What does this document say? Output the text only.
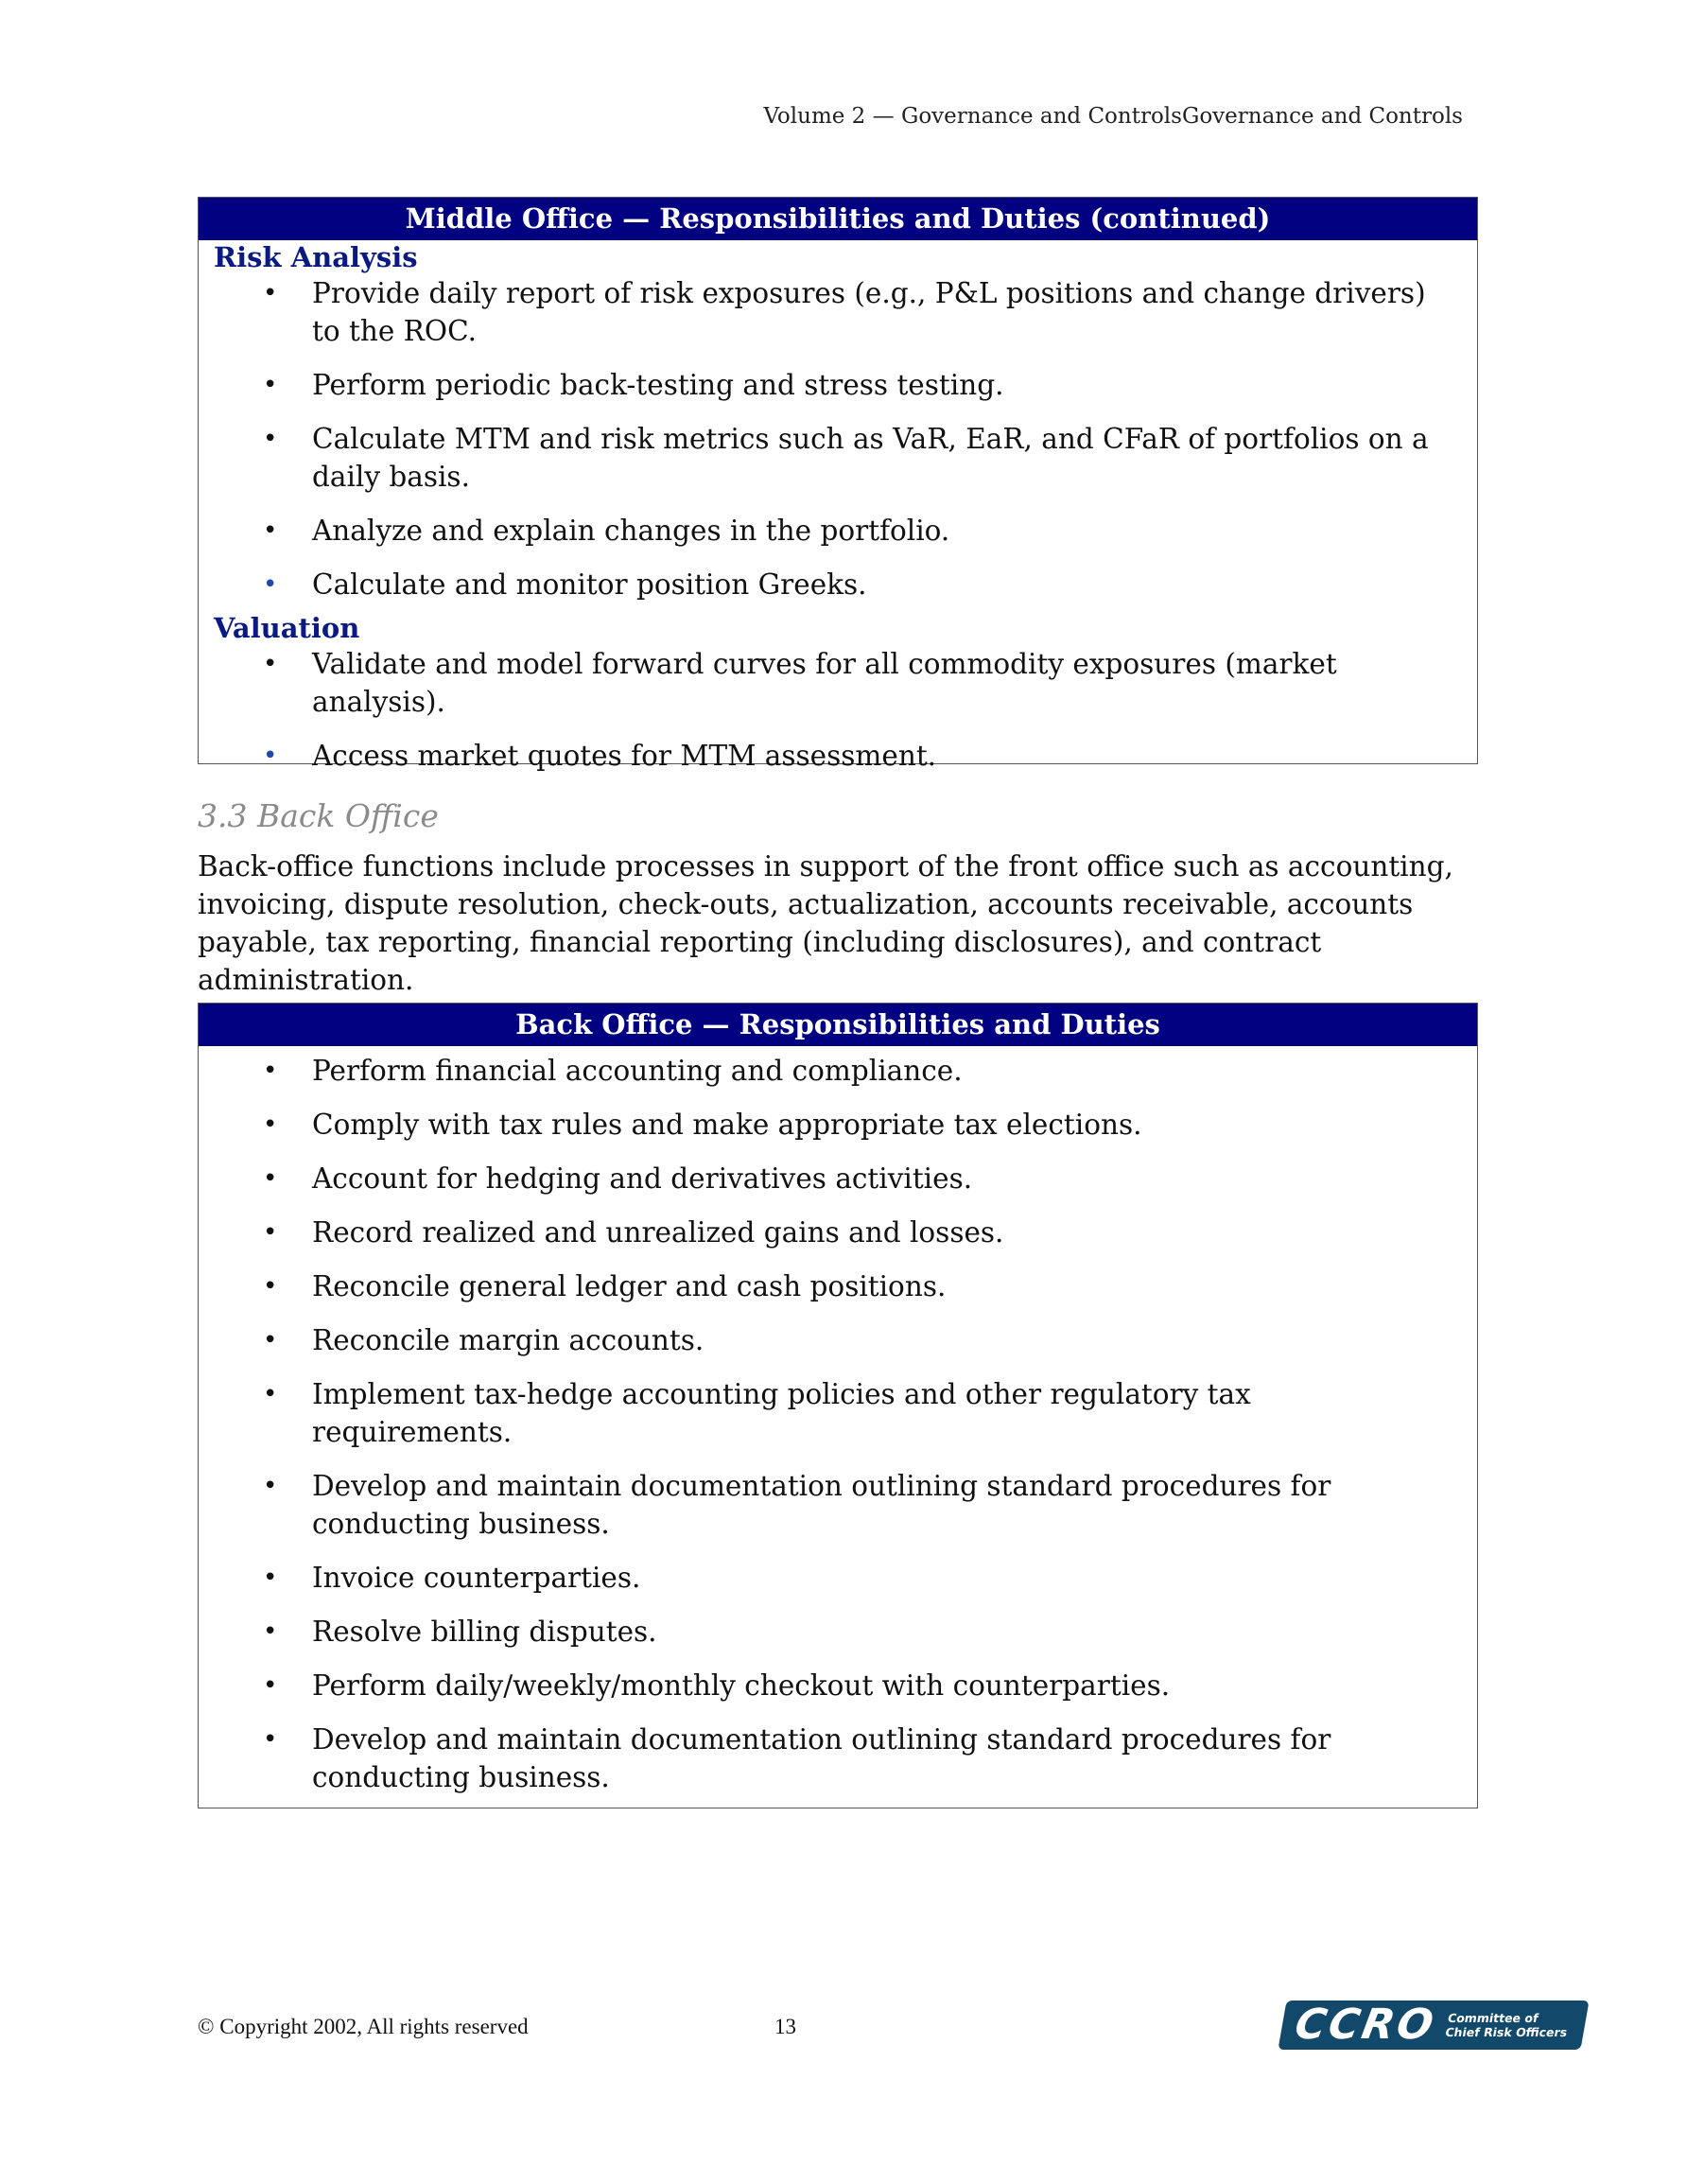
Volume 2 — Governance and ControlsGovernance and Controls
Middle Office — Responsibilities and Duties (continued)
Risk Analysis
• Provide daily report of risk exposures (e.g., P&L positions and change drivers) to the ROC.
• Perform periodic back-testing and stress testing.
• Calculate MTM and risk metrics such as VaR, EaR, and CFaR of portfolios on a daily basis.
• Analyze and explain changes in the portfolio.
• Calculate and monitor position Greeks.
Valuation
• Validate and model forward curves for all commodity exposures (market analysis).
• Access market quotes for MTM assessment.
3.3 Back Office
Back-office functions include processes in support of the front office such as accounting, invoicing, dispute resolution, check-outs, actualization, accounts receivable, accounts payable, tax reporting, financial reporting (including disclosures), and contract administration.
Back Office — Responsibilities and Duties
• Perform financial accounting and compliance.
• Comply with tax rules and make appropriate tax elections.
• Account for hedging and derivatives activities.
• Record realized and unrealized gains and losses.
• Reconcile general ledger and cash positions.
• Reconcile margin accounts.
• Implement tax-hedge accounting policies and other regulatory tax requirements.
• Develop and maintain documentation outlining standard procedures for conducting business.
• Invoice counterparties.
• Resolve billing disputes.
• Perform daily/weekly/monthly checkout with counterparties.
• Develop and maintain documentation outlining standard procedures for conducting business.
© Copyright 2002, All rights reserved	13	CCRO Committee of
Chief Risk Officers
